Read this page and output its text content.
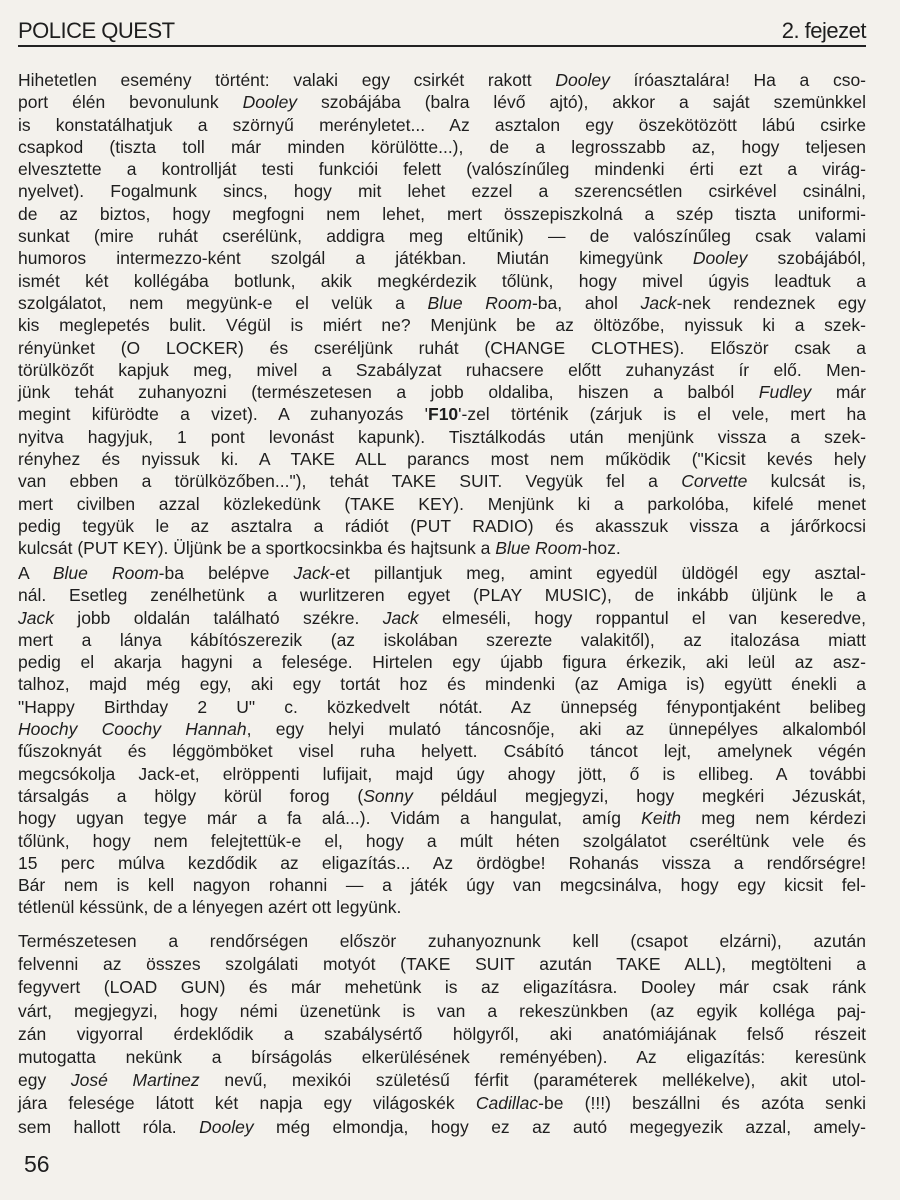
POLICE QUEST	2. fejezet
Hihetetlen esemény történt: valaki egy csirkét rakott Dooley íróasztalára! Ha a cso-
port élén bevonulunk Dooley szobájába (balra lévő ajtó), akkor a saját szemünkkel
is konstatálhatjuk a szörnyű merényletet... Az asztalon egy öszekötözött lábú csirke
csapkod (tiszta toll már minden körülötte...), de a legrosszabb az, hogy teljesen
elvesztette a kontrollját testi funkciói felett (valószínűleg mindenki érti ezt a virág-
nyelvet). Fogalmunk sincs, hogy mit lehet ezzel a szerencsétlen csirkével csinálni,
de az biztos, hogy megfogni nem lehet, mert összepiszkolná a szép tiszta uniformi-
sunkat (mire ruhát cserélünk, addigra meg eltűnik) — de valószínűleg csak valami
humoros intermezzo-ként szolgál a játékban. Miután kimegyünk Dooley szobájából,
ismét két kollégába botlunk, akik megkérdezik tőlünk, hogy mivel úgyis leadtuk a
szolgálatot, nem megyünk-e el velük a Blue Room-ba, ahol Jack-nek rendeznek egy
kis meglepetés bulit. Végül is miért ne? Menjünk be az öltözőbe, nyissuk ki a szek-
rényünket (O LOCKER) és cseréljünk ruhát (CHANGE CLOTHES). Először csak a
törülközőt kapjuk meg, mivel a Szabályzat ruhacsere előtt zuhanyzást ír elő. Men-
jünk tehát zuhanyozni (természetesen a jobb oldaliba, hiszen a balból Fudley már
megint kifürödte a vizet). A zuhanyozás 'F10'-zel történik (zárjuk is el vele, mert ha
nyitva hagyjuk, 1 pont levonást kapunk). Tisztálkodás után menjünk vissza a szek-
rényhez és nyissuk ki. A TAKE ALL parancs most nem működik ("Kicsit kevés hely
van ebben a törülközőben..."), tehát TAKE SUIT. Vegyük fel a Corvette kulcsát is,
mert civilben azzal közlekedünk (TAKE KEY). Menjünk ki a parkolóba, kifelé menet
pedig tegyük le az asztalra a rádiót (PUT RADIO) és akasszuk vissza a járőrkocsi
kulcsát (PUT KEY). Üljünk be a sportkocsinkba és hajtsunk a Blue Room-hoz.
A Blue Room-ba belépve Jack-et pillantjuk meg, amint egyedül üldögél egy asztal-
nál. Esetleg zenélhetünk a wurlitzeren egyet (PLAY MUSIC), de inkább üljünk le a
Jack jobb oldalán található székre. Jack elmeséli, hogy roppantul el van keseredve,
mert a lánya kábítószerezik (az iskolában szerezte valakitől), az italozása miatt
pedig el akarja hagyni a felesége. Hirtelen egy újabb figura érkezik, aki leül az asz-
talhoz, majd még egy, aki egy tortát hoz és mindenki (az Amiga is) együtt énekli a
"Happy Birthday 2 U" c. közkedvelt nótát. Az ünnepség fénypontjaként belibeg
Hoochy Coochy Hannah, egy helyi mulató táncosnője, aki az ünnepélyes alkalomból
fűszoknyát és léggömböket visel ruha helyett. Csábító táncot lejt, amelynek végén
megcsókolja Jack-et, elröppenti lufijait, majd úgy ahogy jött, ő is ellibeg. A további
társalgás a hölgy körül forog (Sonny például megjegyzi, hogy megkéri Jézuskát,
hogy ugyan tegye már a fa alá...). Vidám a hangulat, amíg Keith meg nem kérdezi
tőlünk, hogy nem felejtettük-e el, hogy a múlt héten szolgálatot cseréltünk vele és
15 perc múlva kezdődik az eligazítás... Az ördögbe! Rohanás vissza a rendőrségre!
Bár nem is kell nagyon rohanni — a játék úgy van megcsinálva, hogy egy kicsit fel-
tétlenül késsünk, de a lényegen azért ott legyünk.
Természetesen a rendőrségen először zuhanyoznunk kell (csapot elzárni), azután
felvenni az összes szolgálati motyót (TAKE SUIT azután TAKE ALL), megtölteni a
fegyvert (LOAD GUN) és már mehetünk is az eligazításra. Dooley már csak ránk
várt, megjegyzi, hogy némi üzenetünk is van a rekeszünkben (az egyik kolléga paj-
zán vigyorral érdeklődik a szabálysértő hölgyről, aki anatómiájának felső részeit
mutogatta nekünk a bírságolás elkerülésének reményében). Az eligazítás: keresünk
egy José Martinez nevű, mexikói születésű férfit (paraméterek mellékelve), akit utol-
jára felesége látott két napja egy világoskék Cadillac-be (!!!) beszállni és azóta senki
sem hallott róla. Dooley még elmondja, hogy ez az autó megegyezik azzal, amely-
56
